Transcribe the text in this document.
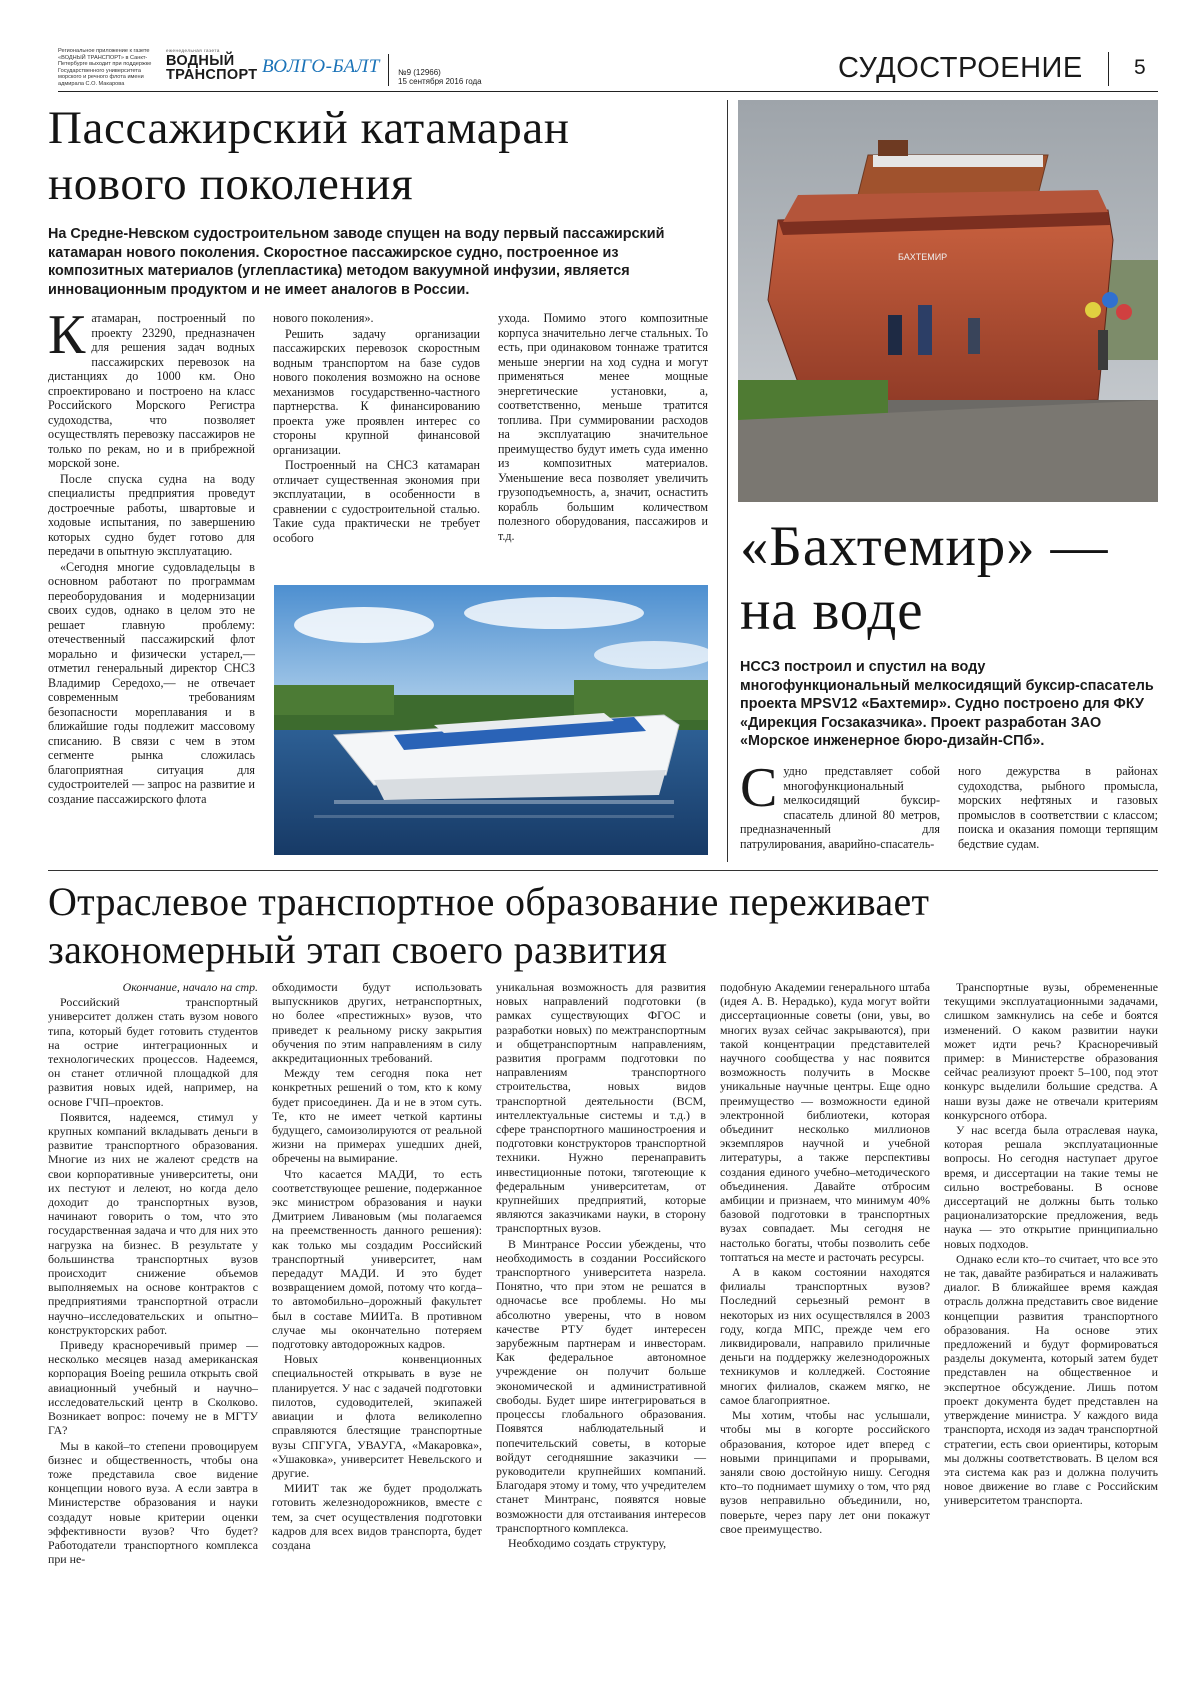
Региональное приложение к газете «ВОДНЫЙ ТРАНСПОРТ» в Санкт-Петербурге выходит при поддержке Государственного университета морского и речного флота имени адмирала С.О. Макарова
еженедельная газета
ВОДНЫЙ
ТРАНСПОРТ ВОЛГО-БАЛТ №9 (12966)
15 сентября 2016 года	СУДОСТРОЕНИЕ 5
Пассажирский катамаран
нового поколения
На Средне-Невском судостроительном заводе спущен на воду первый пассажирский катамаран нового поколения. Скоростное пассажирское судно, построенное из композитных материалов (углепластика) методом вакуумной инфузии, является инновационным продуктом и не имеет аналогов в России.

Катамаран, построенный по проекту 23290, предназначен для решения задач водных пассажирских перевозок на дистанциях до 1000 км. Оно спроектировано и построено на класс Российского Морского Регистра судоходства, что позволяет осуществлять перевозку пассажиров не только по рекам, но и в прибрежной морской зоне.

После спуска судна на воду специалисты предприятия проведут достроечные работы, швартовые и ходовые испытания, по завершению которых судно будет готово для передачи в опытную эксплуатацию.

«Сегодня многие судовладельцы в основном работают по программам переоборудования и модернизации своих судов, однако в целом это не решает главную проблему: отечественный пассажирский флот морально и физически устарел,— отметил генеральный директор СНСЗ Владимир Середохо,— не отвечает современным требованиям безопасности мореплавания и в ближайшие годы подлежит массовому списанию. В связи с чем в этом сегменте рынка сложилась благоприятная ситуация для судостроителей — запрос на развитие и создание пассажирского флота

нового поколения».

Решить задачу организации пассажирских перевозок скоростным водным транспортом на базе судов нового поколения возможно на основе механизмов государственно-частного партнерства. К финансированию проекта уже проявлен интерес со стороны крупной финансовой организации.

Построенный на СНСЗ катамаран отличает существенная экономия при эксплуатации, в особенности в сравнении с судостроительной сталью. Такие суда практически не требует особого

ухода. Помимо этого композитные корпуса значительно легче стальных. То есть, при одинаковом тоннаже тратится меньше энергии на ход судна и могут применяться менее мощные энергетические установки, а, соответственно, меньше тратится топлива. При суммировании расходов на эксплуатацию значительное преимущество будут иметь суда именно из композитных материалов. Уменьшение веса позволяет увеличить грузоподъемность, а, значит, оснастить корабль большим количеством полезного оборудования, пассажиров и т.д.

БАХТЕМИР
«Бахтемир» —
на воде
НССЗ построил и спустил на воду многофункциональный мелкосидящий буксир-спасатель проекта MPSV12 «Бахтемир». Судно построено для ФКУ «Дирекция Госзаказчика». Проект разработан ЗАО «Морское инженерное бюро-дизайн-СПб».

Судно представляет собой многофункциональный мелкосидящий буксир-спасатель длиной 80 метров, предназначенный для патрулирования, аварийно-спасатель-

ного дежурства в районах судоходства, рыбного промысла, морских нефтяных и газовых промыслов в соответствии с классом; поиска и оказания помощи терпящим бедствие судам.

Отраслевое транспортное образование переживает
закономерный этап своего развития

Окончание, начало на стр.

Российский транспортный университет должен стать вузом нового типа, который будет готовить студентов на острие интеграционных и технологических процессов. Надеемся, он станет отличной площадкой для развития новых идей, например, на основе ГЧП–проектов.

Появится, надеемся, стимул у крупных компаний вкладывать деньги в развитие транспортного образования. Многие из них не жалеют средств на свои корпоративные университеты, они их пестуют и лелеют, но когда дело доходит до транспортных вузов, начинают говорить о том, что это государственная задача и что для них это нагрузка на бизнес. В результате у большинства транспортных вузов происходит снижение объемов выполняемых на основе контрактов с предприятиями транспортной отрасли научно–исследовательских и опытно–конструкторских работ.

Приведу красноречивый пример — несколько месяцев назад американская корпорация Boeing решила открыть свой авиационный учебный и научно–исследовательский центр в Сколково. Возникает вопрос: почему не в МГТУ ГА?

Мы в какой–то степени провоцируем бизнес и общественность, чтобы она тоже представила свое видение концепции нового вуза. А если завтра в Министерстве образования и науки создадут новые критерии оценки эффективности вузов? Что будет? Работодатели транспортного комплекса при не-

обходимости будут использовать выпускников других, нетранспортных, но более «престижных» вузов, что приведет к реальному риску закрытия обучения по этим направлениям в силу аккредитационных требований.

Между тем сегодня пока нет конкретных решений о том, кто к кому будет присоединен. Да и не в этом суть. Те, кто не имеет четкой картины будущего, самоизолируются от реальной жизни на примерах ушедших дней, обречены на вымирание.

Что касается МАДИ, то есть соответствующее решение, подержанное экс министром образования и науки Дмитрием Ливановым (мы полагаемся на преемственность данного решения): как только мы создадим Российский транспортный университет, нам передадут МАДИ. И это будет возвращением домой, потому что когда–то автомобильно–дорожный факультет был в составе МИИТа. В противном случае мы окончательно потеряем подготовку автодорожных кадров.

Новых конвенционных специальностей открывать в вузе не планируется. У нас с задачей подготовки пилотов, судоводителей, экипажей авиации и флота великолепно справляются блестящие транспортные вузы СПГУГА, УВАУГА, «Макаровка», «Ушаковка», университет Невельского и другие.

МИИТ так же будет продолжать готовить железнодорожников, вместе с тем, за счет осуществления подготовки кадров для всех видов транспорта, будет создана

уникальная возможность для развития новых направлений подготовки (в рамках существующих ФГОС и разработки новых) по межтранспортным и общетранспортным направлениям, развития программ подготовки по направлениям транспортного строительства, новых видов транспортной деятельности (ВСМ, интеллектуальные системы и т.д.) в сфере транспортного машиностроения и подготовки конструкторов транспортной техники. Нужно перенаправить инвестиционные потоки, тяготеющие к федеральным университетам, от крупнейших предприятий, которые являются заказчиками науки, в сторону транспортных вузов.

В Минтрансе России убеждены, что необходимость в создании Российского транспортного университета назрела. Понятно, что при этом не решатся в одночасье все проблемы. Но мы абсолютно уверены, что в новом качестве РТУ будет интересен зарубежным партнерам и инвесторам. Как федеральное автономное учреждение он получит больше экономической и административной свободы. Будет шире интегрироваться в процессы глобального образования. Появятся наблюдательный и попечительский советы, в которые войдут сегодняшние заказчики — руководители крупнейших компаний. Благодаря этому и тому, что учредителем станет Минтранс, появятся новые возможности для отстаивания интересов транспортного комплекса.

Необходимо создать структуру,

подобную Академии генерального штаба (идея А. В. Нерадько), куда могут войти диссертационные советы (они, увы, во многих вузах сейчас закрываются), при такой концентрации представителей научного сообщества у нас появится возможность получить в Москве уникальные научные центры. Еще одно преимущество — возможности единой электронной библиотеки, которая объединит несколько миллионов экземпляров научной и учебной литературы, а также перспективы создания единого учебно–методического объединения. Давайте отбросим амбиции и признаем, что минимум 40% базовой подготовки в транспортных вузах совпадает. Мы сегодня не настолько богаты, чтобы позволить себе топтаться на месте и расточать ресурсы.

А в каком состоянии находятся филиалы транспортных вузов? Последний серьезный ремонт в некоторых из них осуществлялся в 2003 году, когда МПС, прежде чем его ликвидировали, направило приличные деньги на поддержку железнодорожных техникумов и колледжей. Состояние многих филиалов, скажем мягко, не самое благоприятное.

Мы хотим, чтобы нас услышали, чтобы мы в когорте российского образования, которое идет вперед с новыми принципами и прорывами, заняли свою достойную нишу. Сегодня кто–то поднимает шумиху о том, что ряд вузов неправильно объединили, но, поверьте, через пару лет они покажут свое преимущество.

Транспортные вузы, обремененные текущими эксплуатационными задачами, слишком замкнулись на себе и боятся изменений. О каком развитии науки может идти речь? Красноречивый пример: в Министерстве образования сейчас реализуют проект 5–100, под этот конкурс выделили большие средства. А наши вузы даже не отвечали критериям конкурсного отбора.

У нас всегда была отраслевая наука, которая решала эксплуатационные вопросы. Но сегодня наступает другое время, и диссертации на такие темы не сильно востребованы. В основе диссертаций не должны быть только рационализаторские предложения, ведь наука — это открытие принципиально новых подходов.

Однако если кто–то считает, что все это не так, давайте разбираться и налаживать диалог. В ближайшее время каждая отрасль должна представить свое видение концепции развития транспортного образования. На основе этих предложений и будут формироваться разделы документа, который затем будет представлен на общественное и экспертное обсуждение. Лишь потом проект документа будет представлен на утверждение министра. У каждого вида транспорта, исходя из задач транспортной стратегии, есть свои ориентиры, которым мы должны соответствовать. В целом вся эта система как раз и должна получить новое движение во главе с Российским университетом транспорта.
